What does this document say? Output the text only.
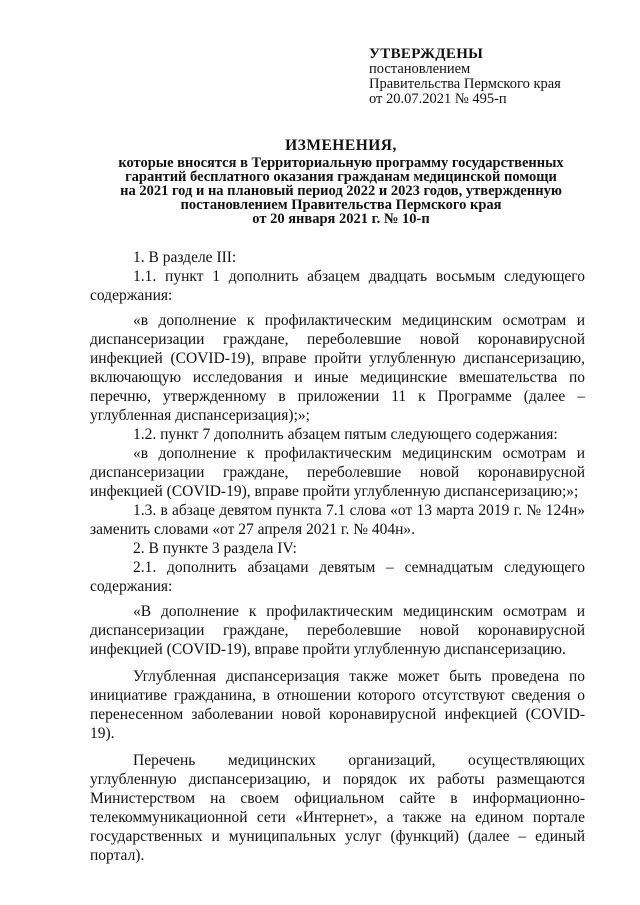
УТВЕРЖДЕНЫ
постановлением
Правительства Пермского края
от 20.07.2021 № 495-п
ИЗМЕНЕНИЯ,
которые вносятся в Территориальную программу государственных
гарантий бесплатного оказания гражданам медицинской помощи
на 2021 год и на плановый период 2022 и 2023 годов, утвержденную
постановлением Правительства Пермского края
от 20 января 2021 г. № 10-п

1. В разделе III:

1.1. пункт 1 дополнить абзацем двадцать восьмым следующего содержания:

«в дополнение к профилактическим медицинским осмотрам и диспансеризации граждане, переболевшие новой коронавирусной инфекцией (COVID-19), вправе пройти углубленную диспансеризацию, включающую исследования и иные медицинские вмешательства по перечню, утвержденному в приложении 11 к Программе (далее – углубленная диспансеризация);»;

1.2. пункт 7 дополнить абзацем пятым следующего содержания:

«в дополнение к профилактическим медицинским осмотрам и диспансеризации граждане, переболевшие новой коронавирусной инфекцией (COVID-19), вправе пройти углубленную диспансеризацию;»;

1.3. в абзаце девятом пункта 7.1 слова «от 13 марта 2019 г. № 124н» заменить словами «от 27 апреля 2021 г. № 404н».

2. В пункте 3 раздела IV:

2.1. дополнить абзацами девятым – семнадцатым следующего содержания:

«В дополнение к профилактическим медицинским осмотрам и диспансеризации граждане, переболевшие новой коронавирусной инфекцией (COVID-19), вправе пройти углубленную диспансеризацию.

Углубленная диспансеризация также может быть проведена по инициативе гражданина, в отношении которого отсутствуют сведения о перенесенном заболевании новой коронавирусной инфекцией (COVID-19).

Перечень медицинских организаций, осуществляющих углубленную диспансеризацию, и порядок их работы размещаются Министерством на своем официальном сайте в информационно-телекоммуникационной сети «Интернет», а также на едином портале государственных и муниципальных услуг (функций) (далее – единый портал).
